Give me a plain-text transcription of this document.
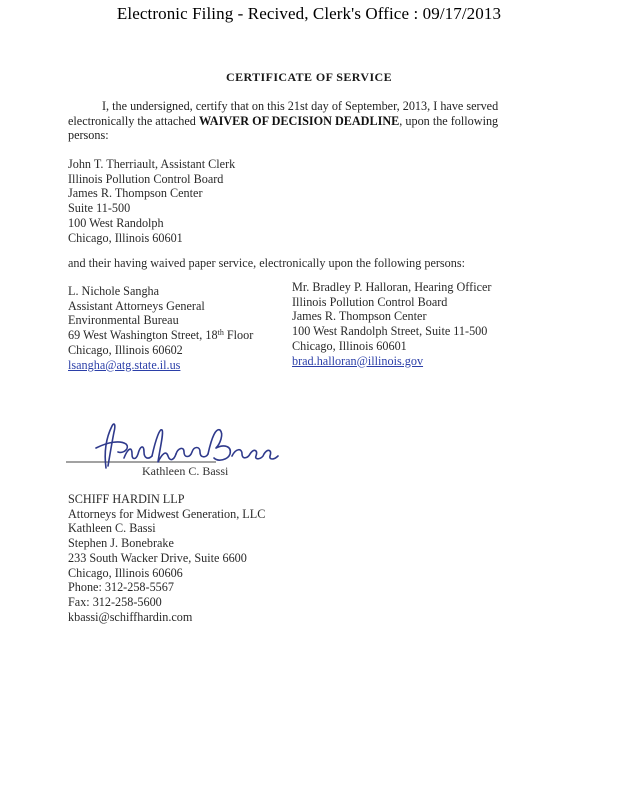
Electronic Filing - Recived, Clerk's Office : 09/17/2013
CERTIFICATE OF SERVICE
I, the undersigned, certify that on this 21st day of September, 2013, I have served electronically the attached WAIVER OF DECISION DEADLINE, upon the following persons:
John T. Therriault, Assistant Clerk
Illinois Pollution Control Board
James R. Thompson Center
Suite 11-500
100 West Randolph
Chicago, Illinois 60601
and their having waived paper service, electronically upon the following persons:
L. Nichole Sangha
Assistant Attorneys General
Environmental Bureau
69 West Washington Street, 18th Floor
Chicago, Illinois 60602
lsangha@atg.state.il.us
Mr. Bradley P. Halloran, Hearing Officer
Illinois Pollution Control Board
James R. Thompson Center
100 West Randolph Street, Suite 11-500
Chicago, Illinois 60601
brad.halloran@illinois.gov
Kathleen C. Bassi
SCHIFF HARDIN LLP
Attorneys for Midwest Generation, LLC
Kathleen C. Bassi
Stephen J. Bonebrake
233 South Wacker Drive, Suite 6600
Chicago, Illinois 60606
Phone: 312-258-5567
Fax: 312-258-5600
kbassi@schiffhardin.com
